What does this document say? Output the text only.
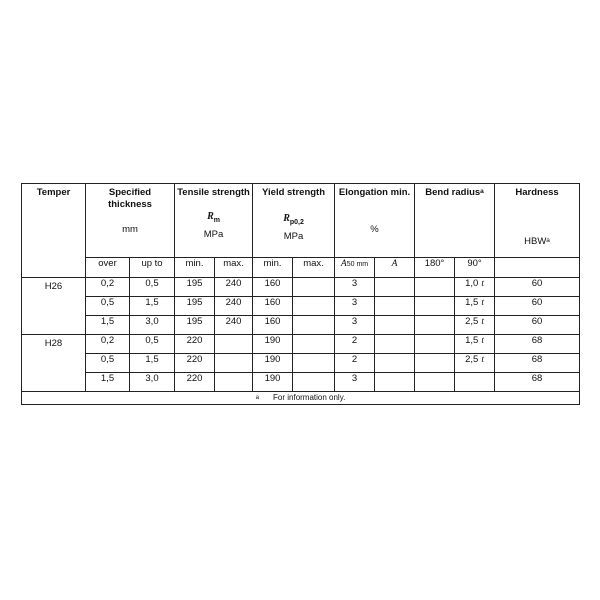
Temper	Specified thickness
mm		Tensile strength
$R_m$
MPa		Yield strength
$R_{p0,2}$
MPa		Elongation min.
%		Bend radius$^a$		Hardness
HBW$^a$

	over	up to	min.	max.	min.	max.	A50 mm	A	180°	90°	
H26	0,2	0,5	195	240	160		3			1,0 t	60
	0,5	1,5	195	240	160		3			1,5 t	60
	1,5	3,0	195	240	160		3			2,5 t	60
H28	0,2	0,5	220		190		2			1,5 t	68
	0,5	1,5	220		190		2			2,5 t	68
	1,5	3,0	220		190		3				68
$^a$ For information only.											
